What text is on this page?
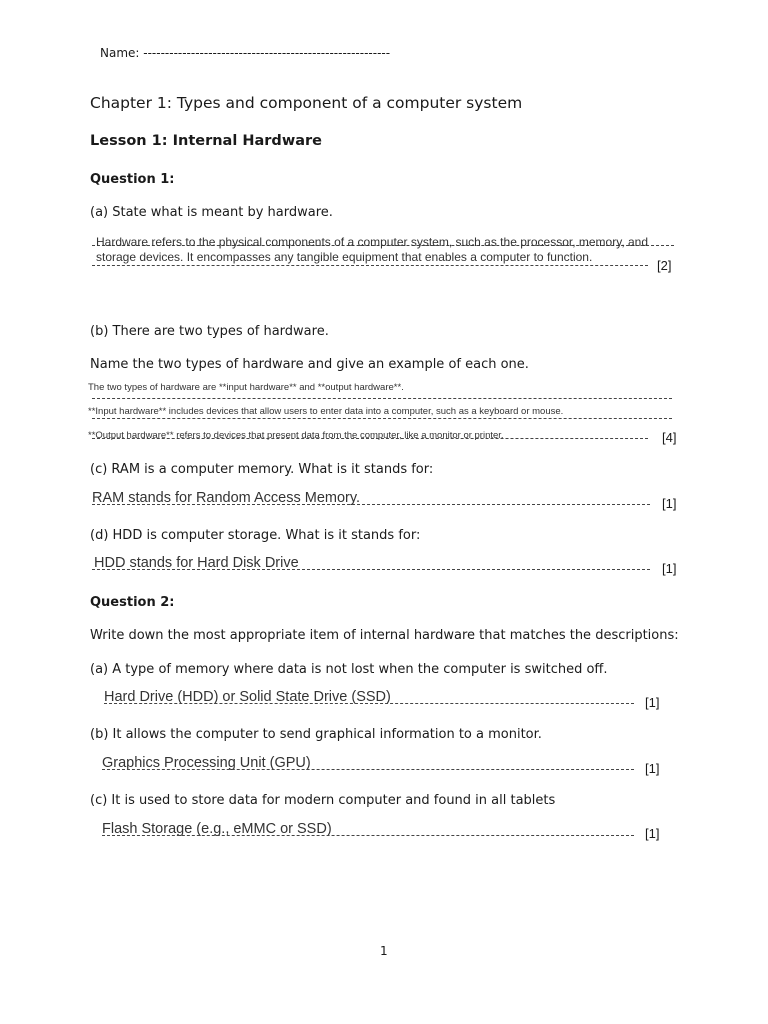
Name: ---------------------------------------------------------
Chapter 1: Types and component of a computer system
Lesson 1: Internal Hardware
Question 1:
(a) State what is meant by hardware.
Hardware refers to the physical components of a computer system, such as the processor, memory, and
storage devices. It encompasses any tangible equipment that enables a computer to function.
[2]
(b) There are two types of hardware.
Name the two types of hardware and give an example of each one.
The two types of hardware are **input hardware** and **output hardware**.
**Input hardware** includes devices that allow users to enter data into a computer, such as a keyboard or mouse.
**Output hardware** refers to devices that present data from the computer, like a monitor or printer.	[4]
(c) RAM is a computer memory. What is it stands for:
RAM stands for Random Access Memory.	[1]
(d) HDD is computer storage. What is it stands for:
HDD stands for Hard Disk Drive	[1]
Question 2:
Write down the most appropriate item of internal hardware that matches the descriptions:
(a) A type of memory where data is not lost when the computer is switched off.
Hard Drive (HDD) or Solid State Drive (SSD)	[1]
(b) It allows the computer to send graphical information to a monitor.
Graphics Processing Unit (GPU)	[1]
(c) It is used to store data for modern computer and found in all tablets
Flash Storage (e.g., eMMC or SSD)	[1]
1
